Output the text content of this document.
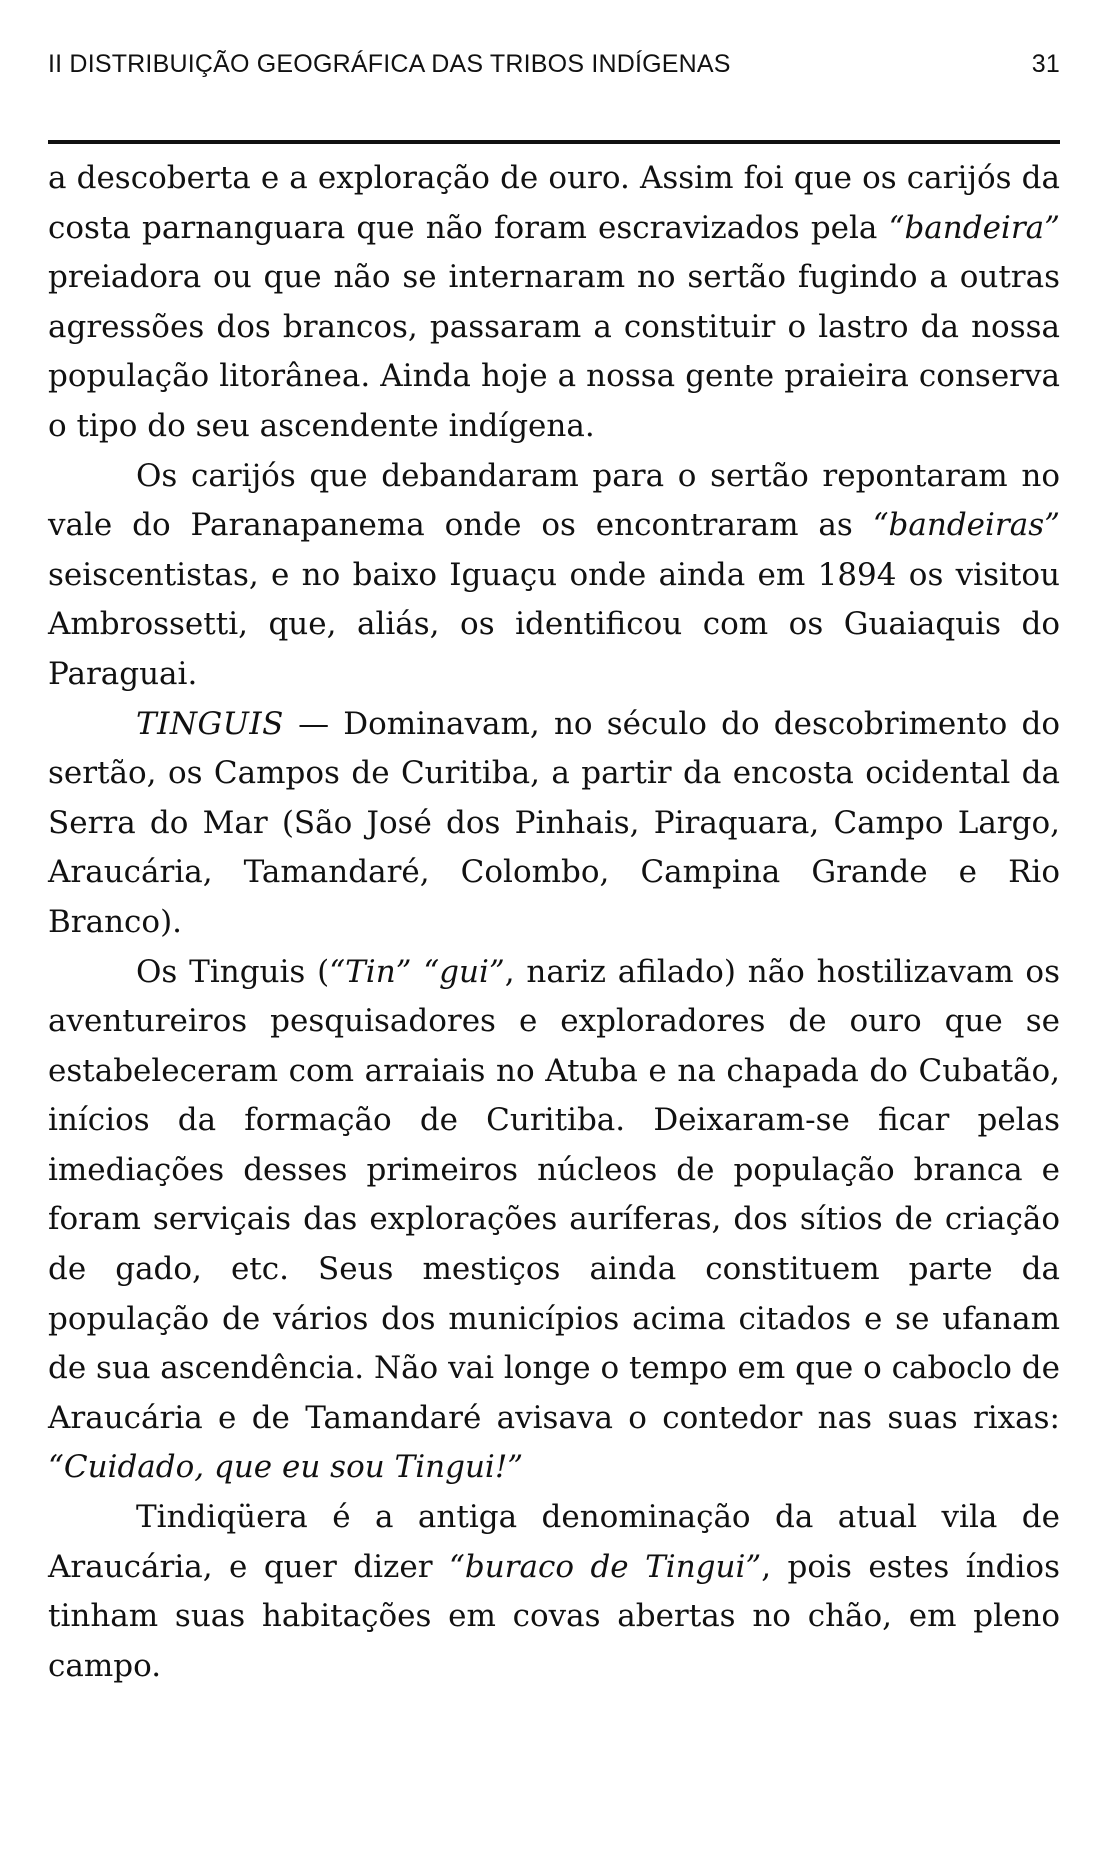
II DISTRIBUIÇÃO GEOGRÁFICA DAS TRIBOS INDÍGENAS	31

a descoberta e a exploração de ouro. Assim foi que os carijós da costa parnanguara que não foram escravizados pela “bandeira” preiadora ou que não se internaram no sertão fugindo a outras agressões dos brancos, passaram a constituir o lastro da nossa população litorânea. Ainda hoje a nossa gente praieira conserva o tipo do seu ascendente indígena.

Os carijós que debandaram para o sertão repontaram no vale do Paranapanema onde os encontraram as “bandeiras” seiscentistas, e no baixo Iguaçu onde ainda em 1894 os visitou Ambrossetti, que, aliás, os identificou com os Guaiaquis do Paraguai.

TINGUIS — Dominavam, no século do descobrimento do sertão, os Campos de Curitiba, a partir da encosta ocidental da Serra do Mar (São José dos Pinhais, Piraquara, Campo Largo, Araucária, Tamandaré, Colombo, Campina Grande e Rio Branco).

Os Tinguis (“Tin” “gui”, nariz afilado) não hostilizavam os aventureiros pesquisadores e exploradores de ouro que se estabeleceram com arraiais no Atuba e na chapada do Cubatão, inícios da formação de Curitiba. Deixaram-se ficar pelas imediações desses primeiros núcleos de população branca e foram serviçais das explorações auríferas, dos sítios de criação de gado, etc. Seus mestiços ainda constituem parte da população de vários dos municípios acima citados e se ufanam de sua ascendência. Não vai longe o tempo em que o caboclo de Araucária e de Tamandaré avisava o contedor nas suas rixas: “Cuidado, que eu sou Tingui!”

Tindiqüera é a antiga denominação da atual vila de Araucária, e quer dizer “buraco de Tingui”, pois estes índios tinham suas habitações em covas abertas no chão, em pleno campo.
